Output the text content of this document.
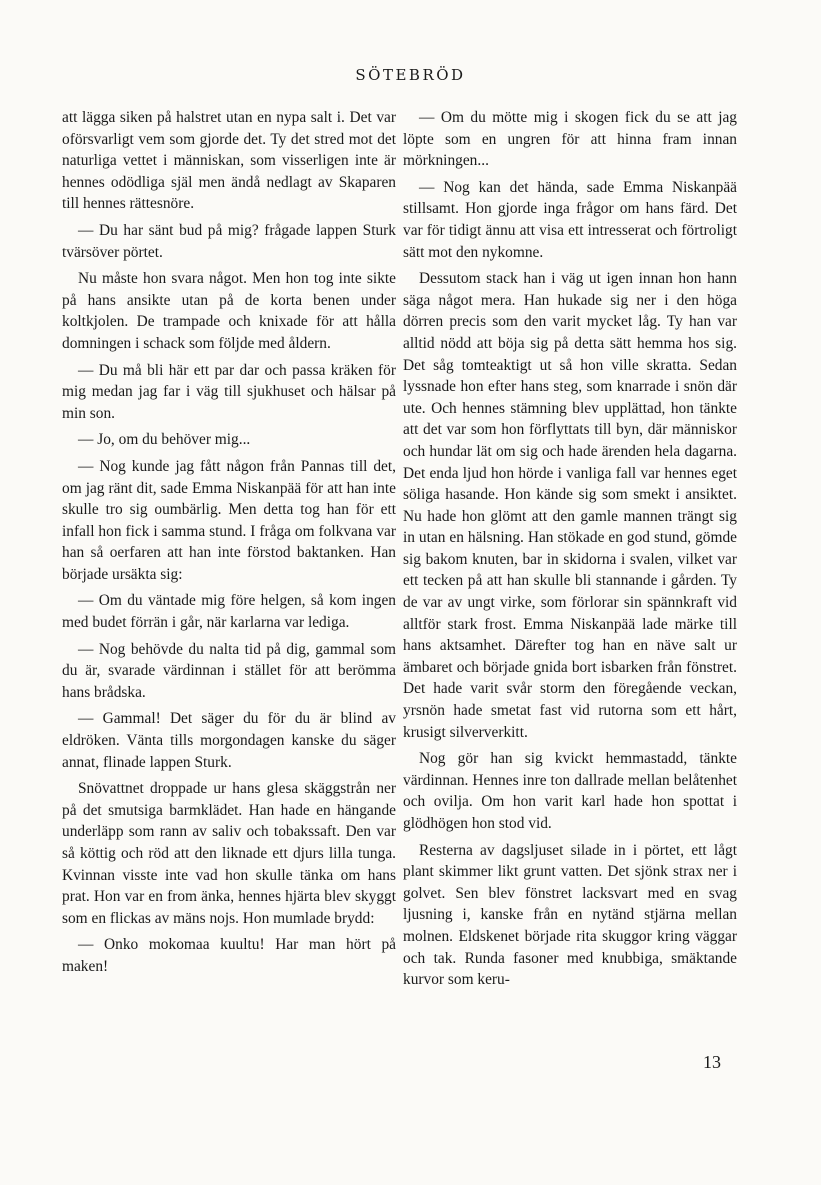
SÖTEBRÖD

att lägga siken på halstret utan en nypa salt i. Det var oförsvarligt vem som gjorde det. Ty det stred mot det naturliga vettet i människan, som visserligen inte är hennes odödliga själ men ändå nedlagt av Skaparen till hennes rättesnöre.

— Du har sänt bud på mig? frågade lappen Sturk tvärsöver pörtet.

Nu måste hon svara något. Men hon tog inte sikte på hans ansikte utan på de korta benen under koltkjolen. De trampade och knixade för att hålla domningen i schack som följde med åldern.

— Du må bli här ett par dar och passa kräken för mig medan jag far i väg till sjukhuset och hälsar på min son.

— Jo, om du behöver mig...

— Nog kunde jag fått någon från Pannas till det, om jag ränt dit, sade Emma Niskanpää för att han inte skulle tro sig oumbärlig. Men detta tog han för ett infall hon fick i samma stund. I fråga om folkvana var han så oerfaren att han inte förstod baktanken. Han började ursäkta sig:

— Om du väntade mig före helgen, så kom ingen med budet förrän i går, när karlarna var lediga.

— Nog behövde du nalta tid på dig, gammal som du är, svarade värdinnan i stället för att berömma hans brådska.

— Gammal! Det säger du för du är blind av eldröken. Vänta tills morgondagen kanske du säger annat, flinade lappen Sturk.

Snövattnet droppade ur hans glesa skäggstrån ner på det smutsiga barmklädet. Han hade en hängande underläpp som rann av saliv och tobakssaft. Den var så köttig och röd att den liknade ett djurs lilla tunga. Kvinnan visste inte vad hon skulle tänka om hans prat. Hon var en from änka, hennes hjärta blev skyggt som en flickas av mäns nojs. Hon mumlade brydd:

— Onko mokomaa kuultu! Har man hört på maken!

— Om du mötte mig i skogen fick du se att jag löpte som en ungren för att hinna fram innan mörkningen...

— Nog kan det hända, sade Emma Niskanpää stillsamt. Hon gjorde inga frågor om hans färd. Det var för tidigt ännu att visa ett intresserat och förtroligt sätt mot den nykomne.

Dessutom stack han i väg ut igen innan hon hann säga något mera. Han hukade sig ner i den höga dörren precis som den varit mycket låg. Ty han var alltid nödd att böja sig på detta sätt hemma hos sig. Det såg tomteaktigt ut så hon ville skratta. Sedan lyssnade hon efter hans steg, som knarrade i snön där ute. Och hennes stämning blev upplättad, hon tänkte att det var som hon förflyttats till byn, där människor och hundar lät om sig och hade ärenden hela dagarna. Det enda ljud hon hörde i vanliga fall var hennes eget söliga hasande. Hon kände sig som smekt i ansiktet. Nu hade hon glömt att den gamle mannen trängt sig in utan en hälsning. Han stökade en god stund, gömde sig bakom knuten, bar in skidorna i svalen, vilket var ett tecken på att han skulle bli stannande i gården. Ty de var av ungt virke, som förlorar sin spännkraft vid alltför stark frost. Emma Niskanpää lade märke till hans aktsamhet. Därefter tog han en näve salt ur ämbaret och började gnida bort isbarken från fönstret. Det hade varit svår storm den föregående veckan, yrsnön hade smetat fast vid rutorna som ett hårt, krusigt silververkitt.

Nog gör han sig kvickt hemmastadd, tänkte värdinnan. Hennes inre ton dallrade mellan belåtenhet och ovilja. Om hon varit karl hade hon spottat i glödhögen hon stod vid.

Resterna av dagsljuset silade in i pörtet, ett lågt plant skimmer likt grunt vatten. Det sjönk strax ner i golvet. Sen blev fönstret lacksvart med en svag ljusning i, kanske från en nytänd stjärna mellan molnen. Eldskenet började rita skuggor kring väggar och tak. Runda fasoner med knubbiga, smäktande kurvor som keru-

13
